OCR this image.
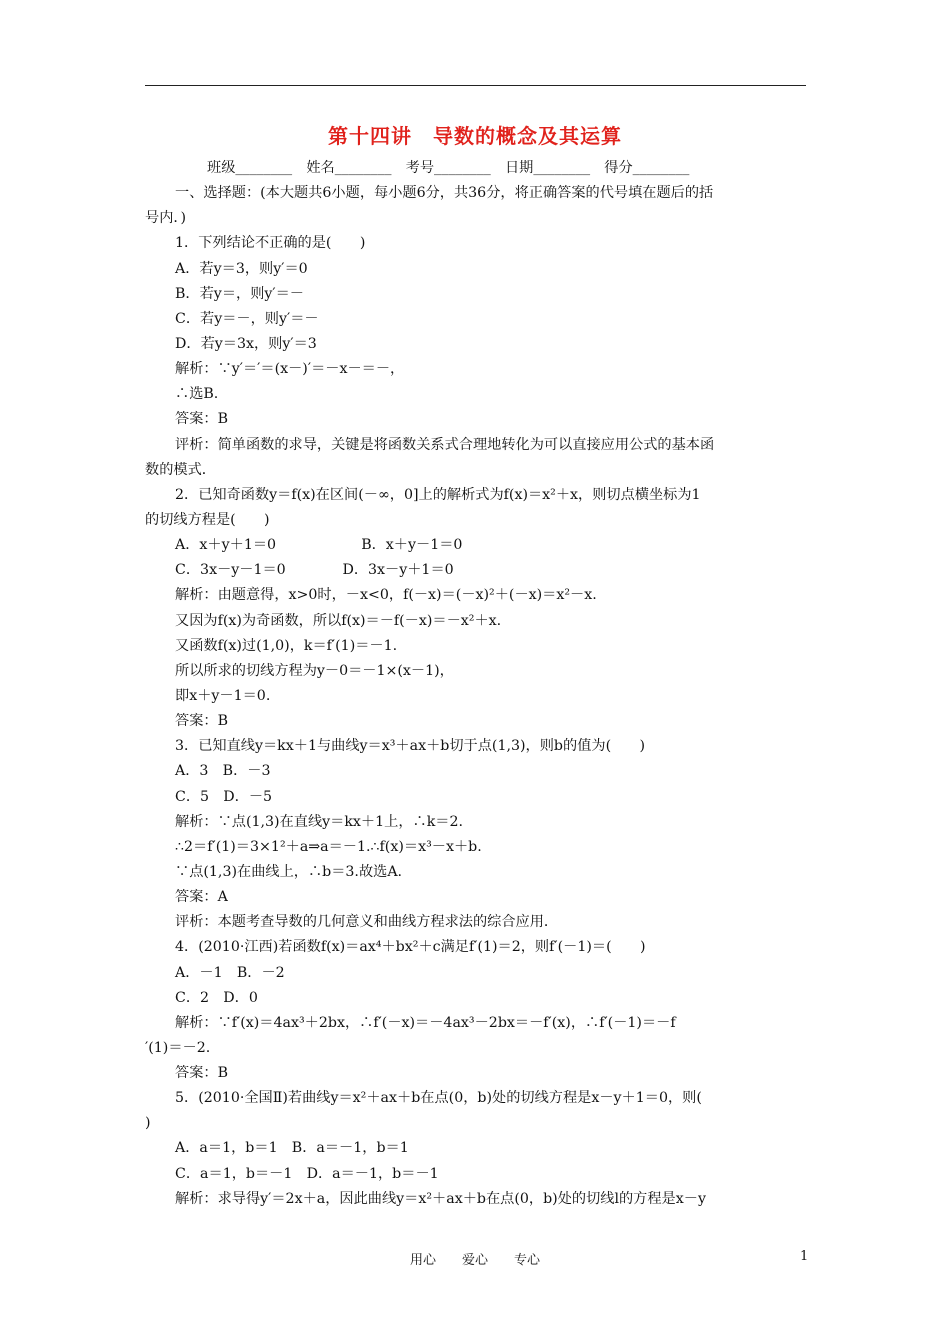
第十四讲　导数的概念及其运算
班级________　姓名________　考号________　日期________　得分________
一、选择题：(本大题共6小题，每小题6分，共36分，将正确答案的代号填在题后的括
号内．)
1．下列结论不正确的是(　　)
A．若y＝3，则y′＝0
B．若y＝，则y′＝－
C．若y＝－，则y′＝－
D．若y＝3x，则y′＝3
解析：∵y′＝′＝(x－)′＝－x－＝－，
∴选B.
答案：B
评析：简单函数的求导，关键是将函数关系式合理地转化为可以直接应用公式的基本函
数的模式．
2．已知奇函数y＝f(x)在区间(－∞，0]上的解析式为f(x)＝x²＋x，则切点横坐标为1
的切线方程是(　　)
A．x＋y＋1＝0　　　　　　B．x＋y－1＝0
C．3x－y－1＝0　　　　D．3x－y＋1＝0
解析：由题意得，x>0时，－x<0，f(－x)＝(－x)²＋(－x)＝x²－x.
又因为f(x)为奇函数，所以f(x)＝－f(－x)＝－x²＋x.
又函数f(x)过(1,0)，k＝f′(1)＝－1.
所以所求的切线方程为y－0＝－1×(x－1)，
即x＋y－1＝0.
答案：B
3．已知直线y＝kx＋1与曲线y＝x³＋ax＋b切于点(1,3)，则b的值为(　　)
A．3　B．－3
C．5　D．－5
解析：∵点(1,3)在直线y＝kx＋1上，∴k＝2.
∴2＝f′(1)＝3×1²＋a⇒a＝－1.∴f(x)＝x³－x＋b.
∵点(1,3)在曲线上，∴b＝3.故选A.
答案：A
评析：本题考查导数的几何意义和曲线方程求法的综合应用．
4．(2010·江西)若函数f(x)＝ax⁴＋bx²＋c满足f′(1)＝2，则f′(－1)＝(　　)
A．－1　B．－2
C．2　D．0
解析：∵f′(x)＝4ax³＋2bx，∴f′(－x)＝－4ax³－2bx＝－f′(x)，∴f′(－1)＝－f
′(1)＝－2.
答案：B
5．(2010·全国Ⅱ)若曲线y＝x²＋ax＋b在点(0，b)处的切线方程是x－y＋1＝0，则(
)
A．a＝1，b＝1　B．a＝－1，b＝1
C．a＝1，b＝－1　D．a＝－1，b＝－1
解析：求导得y′＝2x＋a，因此曲线y＝x²＋ax＋b在点(0，b)处的切线l的方程是x－y
用心　　爱心　　专心	1
